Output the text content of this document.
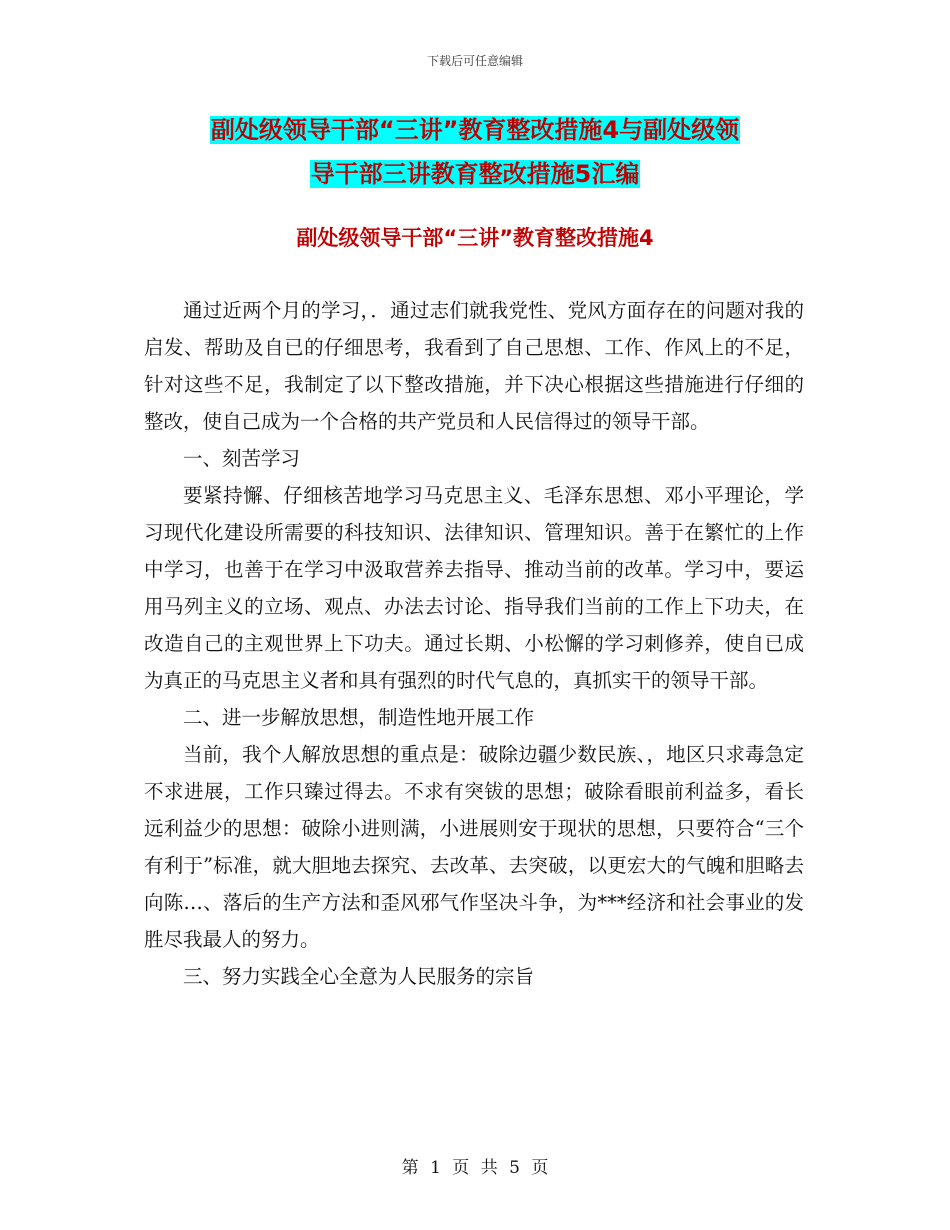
下载后可任意编辑
副处级领导干部“三讲”教育整改措施4与副处级领
导干部三讲教育整改措施5汇编
副处级领导干部“三讲”教育整改措施4

通过近两个月的学习，．通过志们就我党性、党风方面存在的问题对我的启发、帮助及自已的仔细思考，我看到了自己思想、工作、作风上的不足，针对这些不足，我制定了以下整改措施，并下决心根据这些措施进行仔细的整改，使自己成为一个合格的共产党员和人民信得过的领导干部。

一、刻苦学习

要紧持懈、仔细核苦地学习马克思主义、毛泽东思想、邓小平理论，学习现代化建设所需要的科技知识、法律知识、管理知识。善于在繁忙的上作中学习，也善于在学习中汲取营养去指导、推动当前的改革。学习中，要运用马列主义的立场、观点、办法去讨论、指导我们当前的工作上下功夫，在改造自己的主观世界上下功夫。通过长期、小松懈的学习刺修养，使自已成为真正的马克思主义者和具有强烈的时代气息的，真抓实干的领导干部。

二、进一步解放思想，制造性地开展工作

当前，我个人解放思想的重点是：破除边疆少数民族、，地区只求毒急定不求进展，工作只臻过得去。不求有突钹的思想；破除看眼前利益多，看长远利益少的思想：破除小进则满，小进展则安于现状的思想，只要符合“三个有利于”标准，就大胆地去探究、去改革、去突破，以更宏大的气魄和胆略去向陈…、落后的生产方法和歪风邪气作坚决斗争，为***经济和社会事业的发胜尽我最人的努力。

三、努力实践全心全意为人民服务的宗旨

第 1 页 共 5 页
